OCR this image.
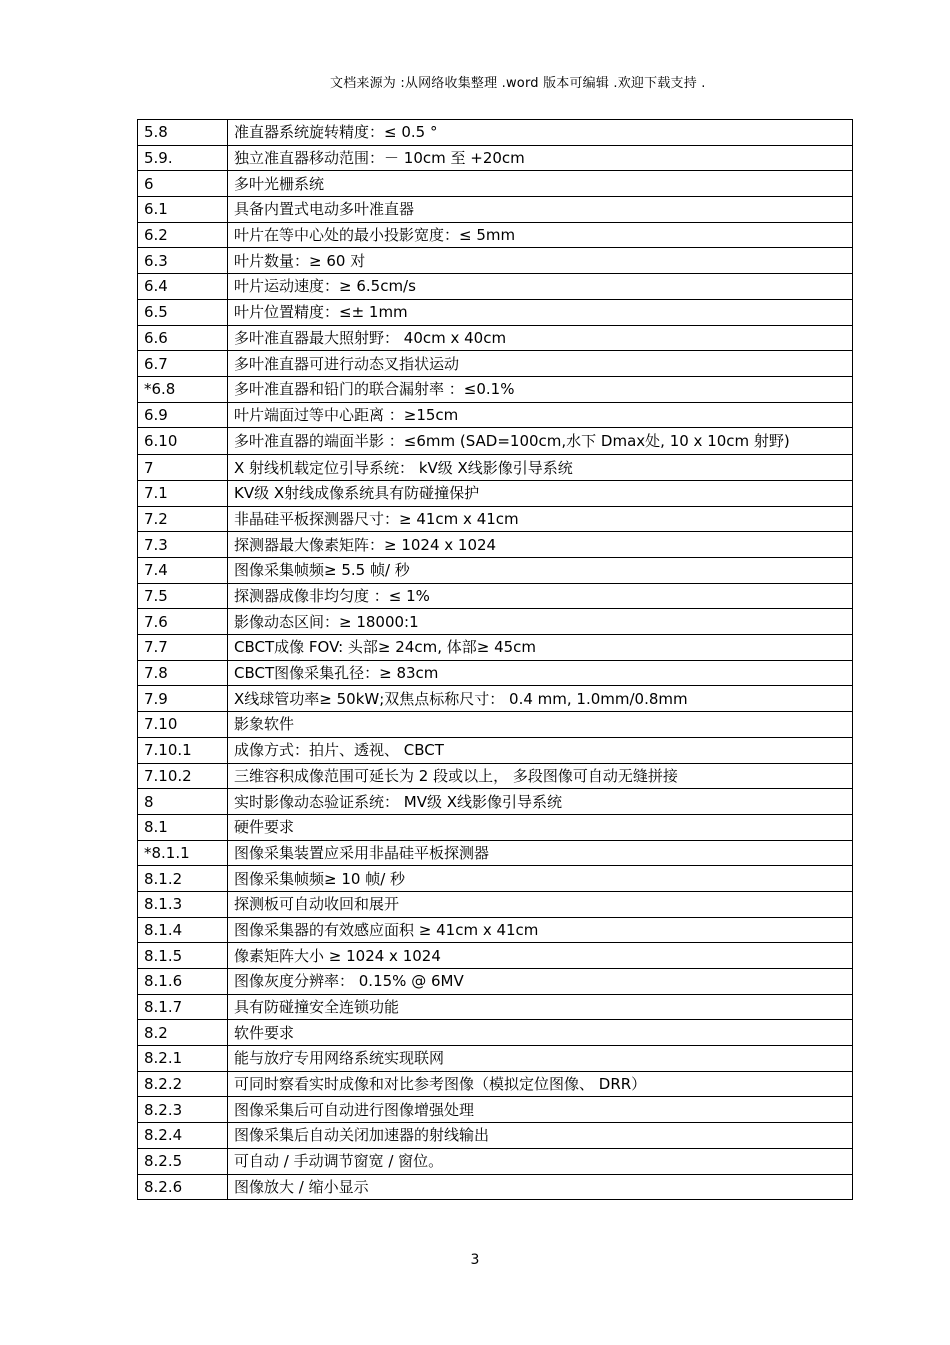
文档来源为 :从网络收集整理 .word 版本可编辑 .欢迎下载支持 .
5.8	准直器系统旋转精度：≤ 0.5 °
5.9.	独立准直器移动范围：－ 10cm 至 +20cm
6	多叶光栅系统
6.1	具备内置式电动多叶准直器
6.2	叶片在等中心处的最小投影宽度：≤ 5mm
6.3	叶片数量：≥ 60 对
6.4	叶片运动速度：≥ 6.5cm/s
6.5	叶片位置精度：≤± 1mm
6.6	多叶准直器最大照射野： 40cm x 40cm
6.7	多叶准直器可进行动态叉指状运动
*6.8	多叶准直器和铅门的联合漏射率 ：≤0.1%
6.9	叶片端面过等中心距离 ：≥15cm
6.10	多叶准直器的端面半影 ：≤6mm (SAD=100cm,水下 Dmax处, 10 x 10cm 射野)
7	X 射线机载定位引导系统： kV级 X线影像引导系统
7.1	KV级 X射线成像系统具有防碰撞保护
7.2	非晶硅平板探测器尺寸：≥ 41cm x 41cm
7.3	探测器最大像素矩阵：≥ 1024 x 1024
7.4	图像采集帧频≥ 5.5 帧/ 秒
7.5	探测器成像非均匀度 ：≤ 1%
7.6	影像动态区间：≥ 18000:1
7.7	CBCT成像 FOV: 头部≥ 24cm, 体部≥ 45cm
7.8	CBCT图像采集孔径：≥ 83cm
7.9	X线球管功率≥ 50kW;双焦点标称尺寸： 0.4 mm, 1.0mm/0.8mm
7.10	影象软件
7.10.1	成像方式：拍片、透视、 CBCT
7.10.2	三维容积成像范围可延长为 2 段或以上， 多段图像可自动无缝拼接
8	实时影像动态验证系统： MV级 X线影像引导系统
8.1	硬件要求
*8.1.1	图像采集装置应采用非晶硅平板探测器
8.1.2	图像采集帧频≥ 10 帧/ 秒
8.1.3	探测板可自动收回和展开
8.1.4	图像采集器的有效感应面积 ≥ 41cm x 41cm
8.1.5	像素矩阵大小 ≥ 1024 x 1024
8.1.6	图像灰度分辨率： 0.15% @ 6MV
8.1.7	具有防碰撞安全连锁功能
8.2	软件要求
8.2.1	能与放疗专用网络系统实现联网
8.2.2	可同时察看实时成像和对比参考图像（模拟定位图像、 DRR）
8.2.3	图像采集后可自动进行图像增强处理
8.2.4	图像采集后自动关闭加速器的射线输出
8.2.5	可自动 / 手动调节窗宽 / 窗位。
8.2.6	图像放大 / 缩小显示
3
